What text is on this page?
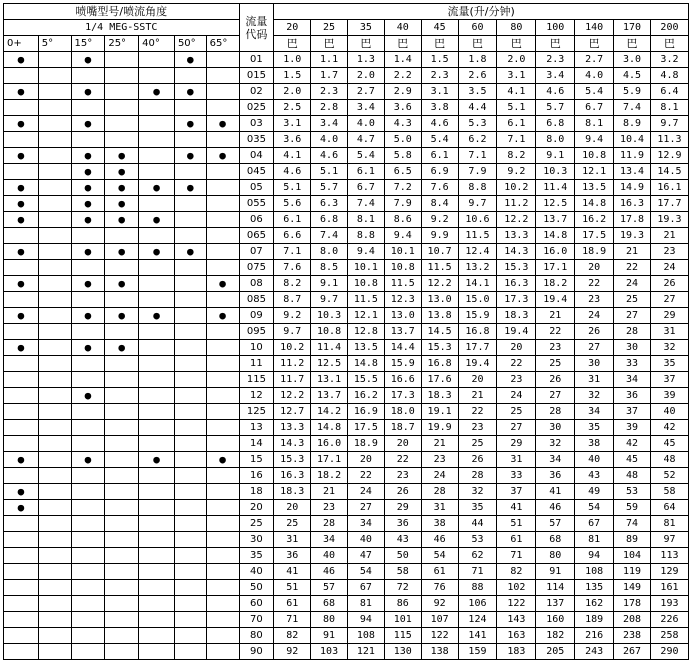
喷嘴型号/喷流角度							流量
代码	流量(升/分钟)										
1/4 MEG-SSTC								20	25	35	40	45	60	80	100	140	170	200
0+	5°	15°	25°	40°	50°	65°		巴	巴	巴	巴	巴	巴	巴	巴	巴	巴	巴
●		●			●		01	1.0	1.1	1.3	1.4	1.5	1.8	2.0	2.3	2.7	3.0	3.2
							015	1.5	1.7	2.0	2.2	2.3	2.6	3.1	3.4	4.0	4.5	4.8
●		●		●	●		02	2.0	2.3	2.7	2.9	3.1	3.5	4.1	4.6	5.4	5.9	6.4
							025	2.5	2.8	3.4	3.6	3.8	4.4	5.1	5.7	6.7	7.4	8.1
●		●			●	●	03	3.1	3.4	4.0	4.3	4.6	5.3	6.1	6.8	8.1	8.9	9.7
							035	3.6	4.0	4.7	5.0	5.4	6.2	7.1	8.0	9.4	10.4	11.3
●		●	●		●	●	04	4.1	4.6	5.4	5.8	6.1	7.1	8.2	9.1	10.8	11.9	12.9
		●	●				045	4.6	5.1	6.1	6.5	6.9	7.9	9.2	10.3	12.1	13.4	14.5
●		●	●	●	●		05	5.1	5.7	6.7	7.2	7.6	8.8	10.2	11.4	13.5	14.9	16.1
●		●	●				055	5.6	6.3	7.4	7.9	8.4	9.7	11.2	12.5	14.8	16.3	17.7
●		●	●	●			06	6.1	6.8	8.1	8.6	9.2	10.6	12.2	13.7	16.2	17.8	19.3
							065	6.6	7.4	8.8	9.4	9.9	11.5	13.3	14.8	17.5	19.3	21
●		●	●	●	●		07	7.1	8.0	9.4	10.1	10.7	12.4	14.3	16.0	18.9	21	23
							075	7.6	8.5	10.1	10.8	11.5	13.2	15.3	17.1	20	22	24
●		●	●			●	08	8.2	9.1	10.8	11.5	12.2	14.1	16.3	18.2	22	24	26
							085	8.7	9.7	11.5	12.3	13.0	15.0	17.3	19.4	23	25	27
●		●	●	●		●	09	9.2	10.3	12.1	13.0	13.8	15.9	18.3	21	24	27	29
							095	9.7	10.8	12.8	13.7	14.5	16.8	19.4	22	26	28	31
●		●	●				10	10.2	11.4	13.5	14.4	15.3	17.7	20	23	27	30	32
							11	11.2	12.5	14.8	15.9	16.8	19.4	22	25	30	33	35
							115	11.7	13.1	15.5	16.6	17.6	20	23	26	31	34	37
		●					12	12.2	13.7	16.2	17.3	18.3	21	24	27	32	36	39
							125	12.7	14.2	16.9	18.0	19.1	22	25	28	34	37	40
							13	13.3	14.8	17.5	18.7	19.9	23	27	30	35	39	42
							14	14.3	16.0	18.9	20	21	25	29	32	38	42	45
●		●		●		●	15	15.3	17.1	20	22	23	26	31	34	40	45	48
							16	16.3	18.2	22	23	24	28	33	36	43	48	52
●							18	18.3	21	24	26	28	32	37	41	49	53	58
●							20	20	23	27	29	31	35	41	46	54	59	64
							25	25	28	34	36	38	44	51	57	67	74	81
							30	31	34	40	43	46	53	61	68	81	89	97
							35	36	40	47	50	54	62	71	80	94	104	113
							40	41	46	54	58	61	71	82	91	108	119	129
							50	51	57	67	72	76	88	102	114	135	149	161
							60	61	68	81	86	92	106	122	137	162	178	193
							70	71	80	94	101	107	124	143	160	189	208	226
							80	82	91	108	115	122	141	163	182	216	238	258
							90	92	103	121	130	138	159	183	205	243	267	290
